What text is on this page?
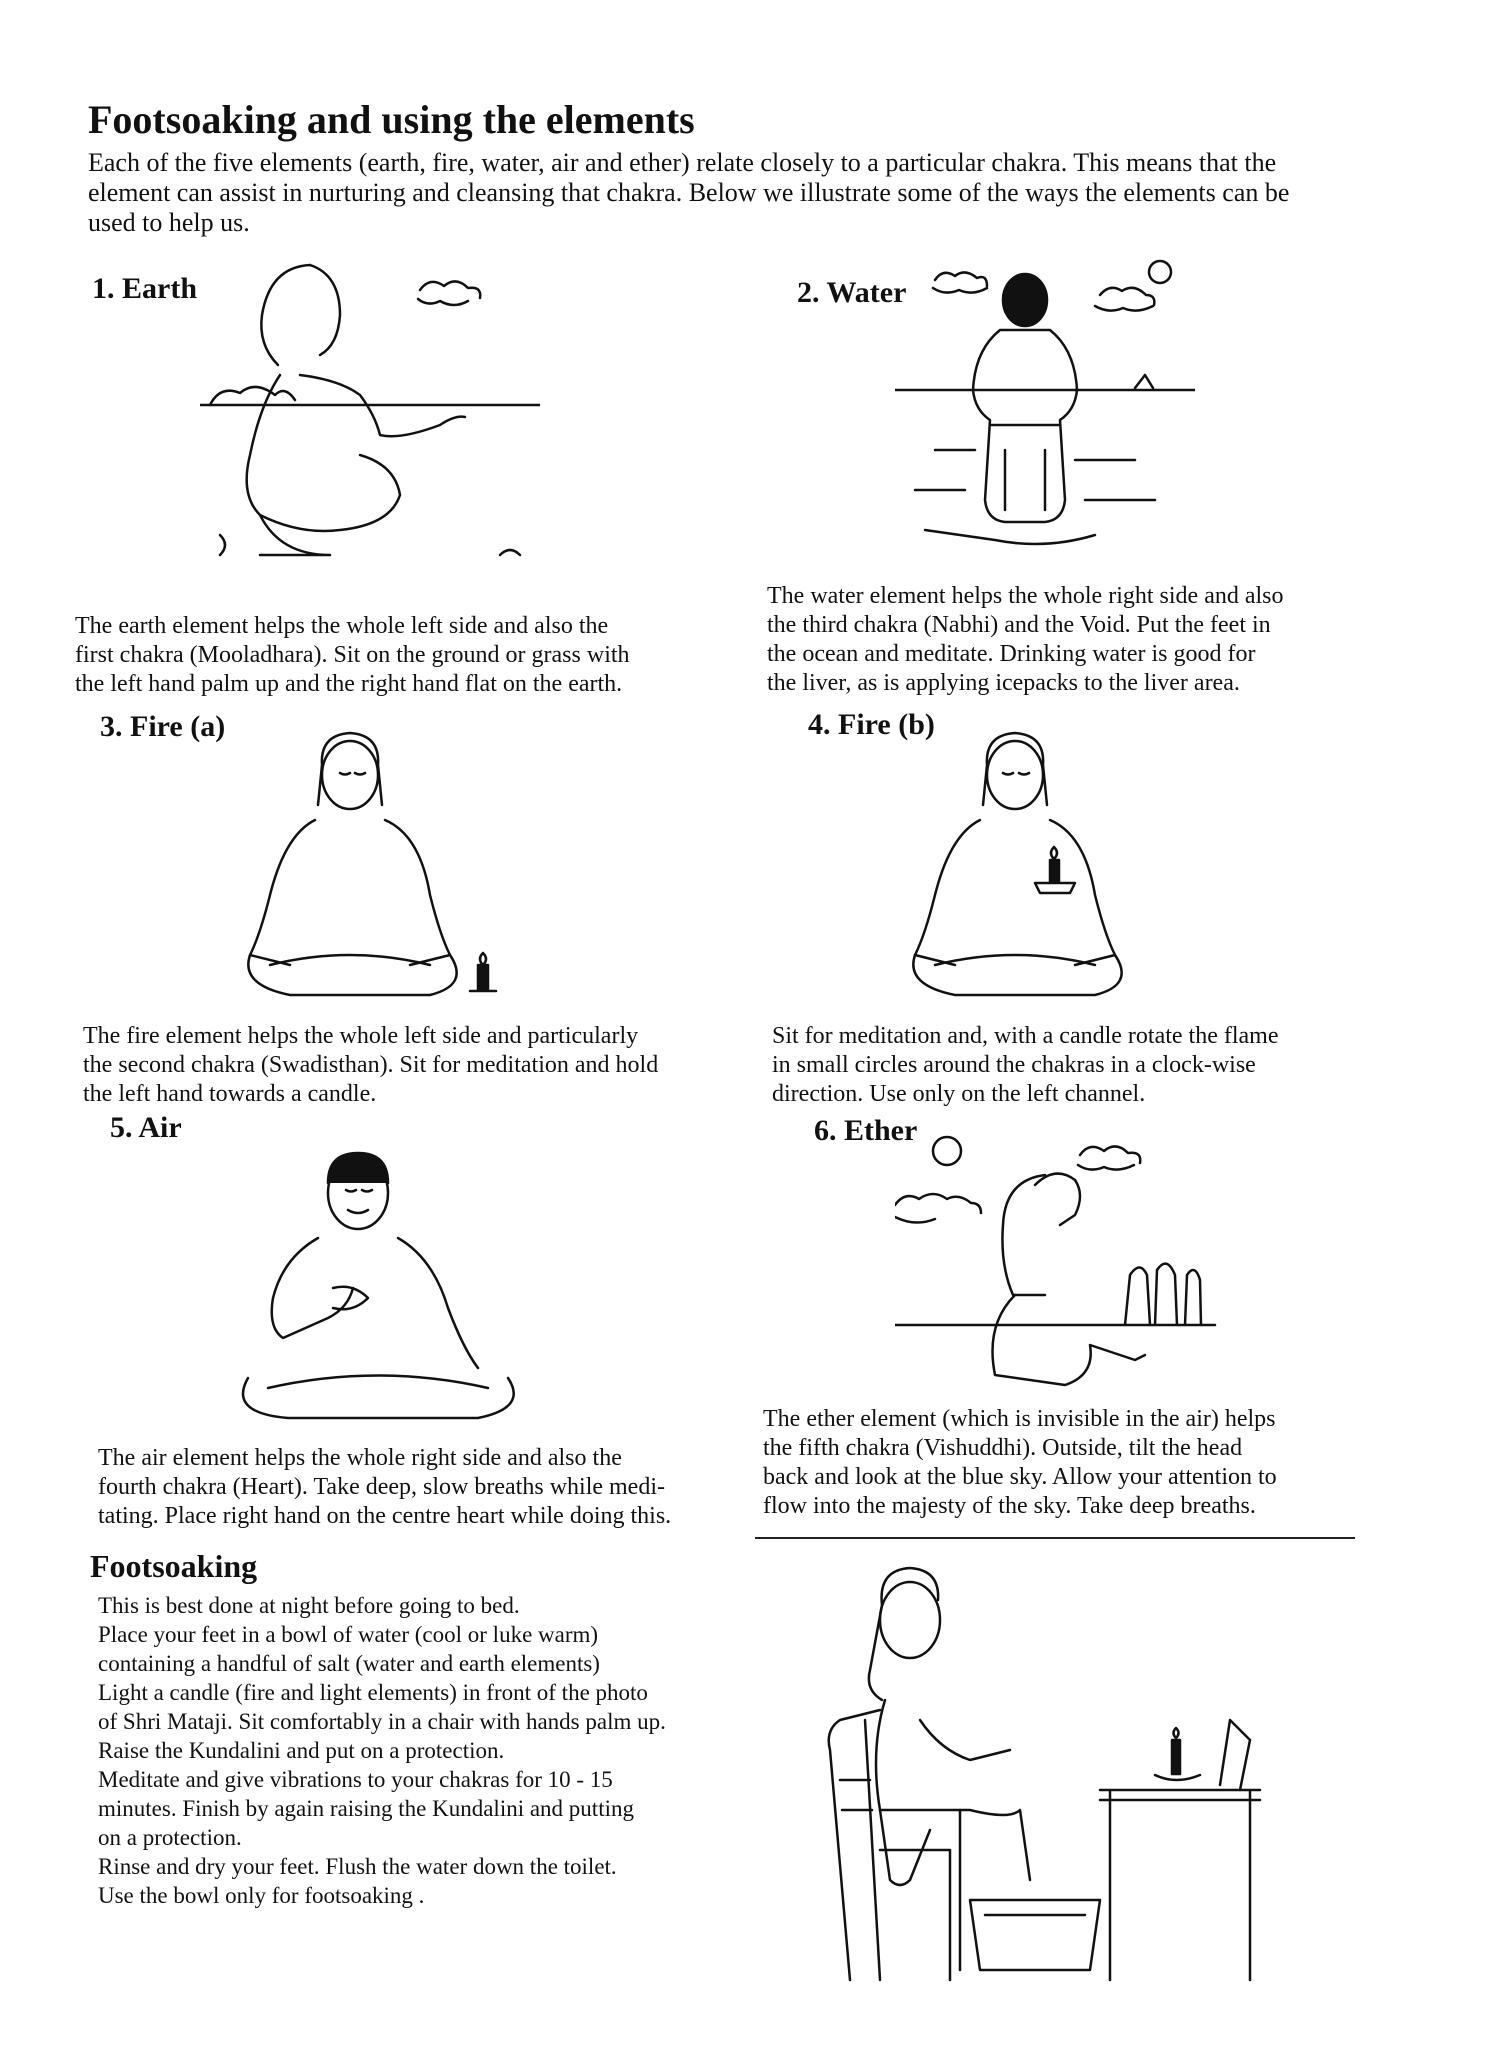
Footsoaking and using the elements
Each of the five elements (earth, fire, water, air and ether) relate closely to a particular chakra. This means that the element can assist in nurturing and cleansing that chakra. Below we illustrate some of the ways the elements can be used to help us.
1. Earth

The earth element helps the whole left side and also the

first chakra (Mooladhara). Sit on the ground or grass with

the left hand palm up and the right hand flat on the earth.

2. Water

The water element helps the whole right side and also

the third chakra (Nabhi) and the Void. Put the feet in

the ocean and meditate. Drinking water is good for

the liver, as is applying icepacks to the liver area.

3. Fire (a)

The fire element helps the whole left side and particularly

the second chakra (Swadisthan). Sit for meditation and hold

the left hand towards a candle.

4. Fire (b)

Sit for meditation and, with a candle rotate the flame

in small circles around the chakras in a clock-wise

direction. Use only on the left channel.

5. Air

The air element helps the whole right side and also the

fourth chakra (Heart). Take deep, slow breaths while medi-

tating. Place right hand on the centre heart while doing this.

6. Ether

The ether element (which is invisible in the air) helps

the fifth chakra (Vishuddhi). Outside, tilt the head

back and look at the blue sky. Allow your attention to

flow into the majesty of the sky. Take deep breaths.

Footsoaking
This is best done at night before going to bed.
Place your feet in a bowl of water (cool or luke warm)
containing a handful of salt (water and earth elements)
Light a candle (fire and light elements) in front of the photo
of Shri Mataji. Sit comfortably in a chair with hands palm up.
Raise the Kundalini and put on a protection.
Meditate and give vibrations to your chakras for 10 - 15
minutes. Finish by again raising the Kundalini and putting
on a protection.
Rinse and dry your feet. Flush the water down the toilet.
Use the bowl only for footsoaking .
